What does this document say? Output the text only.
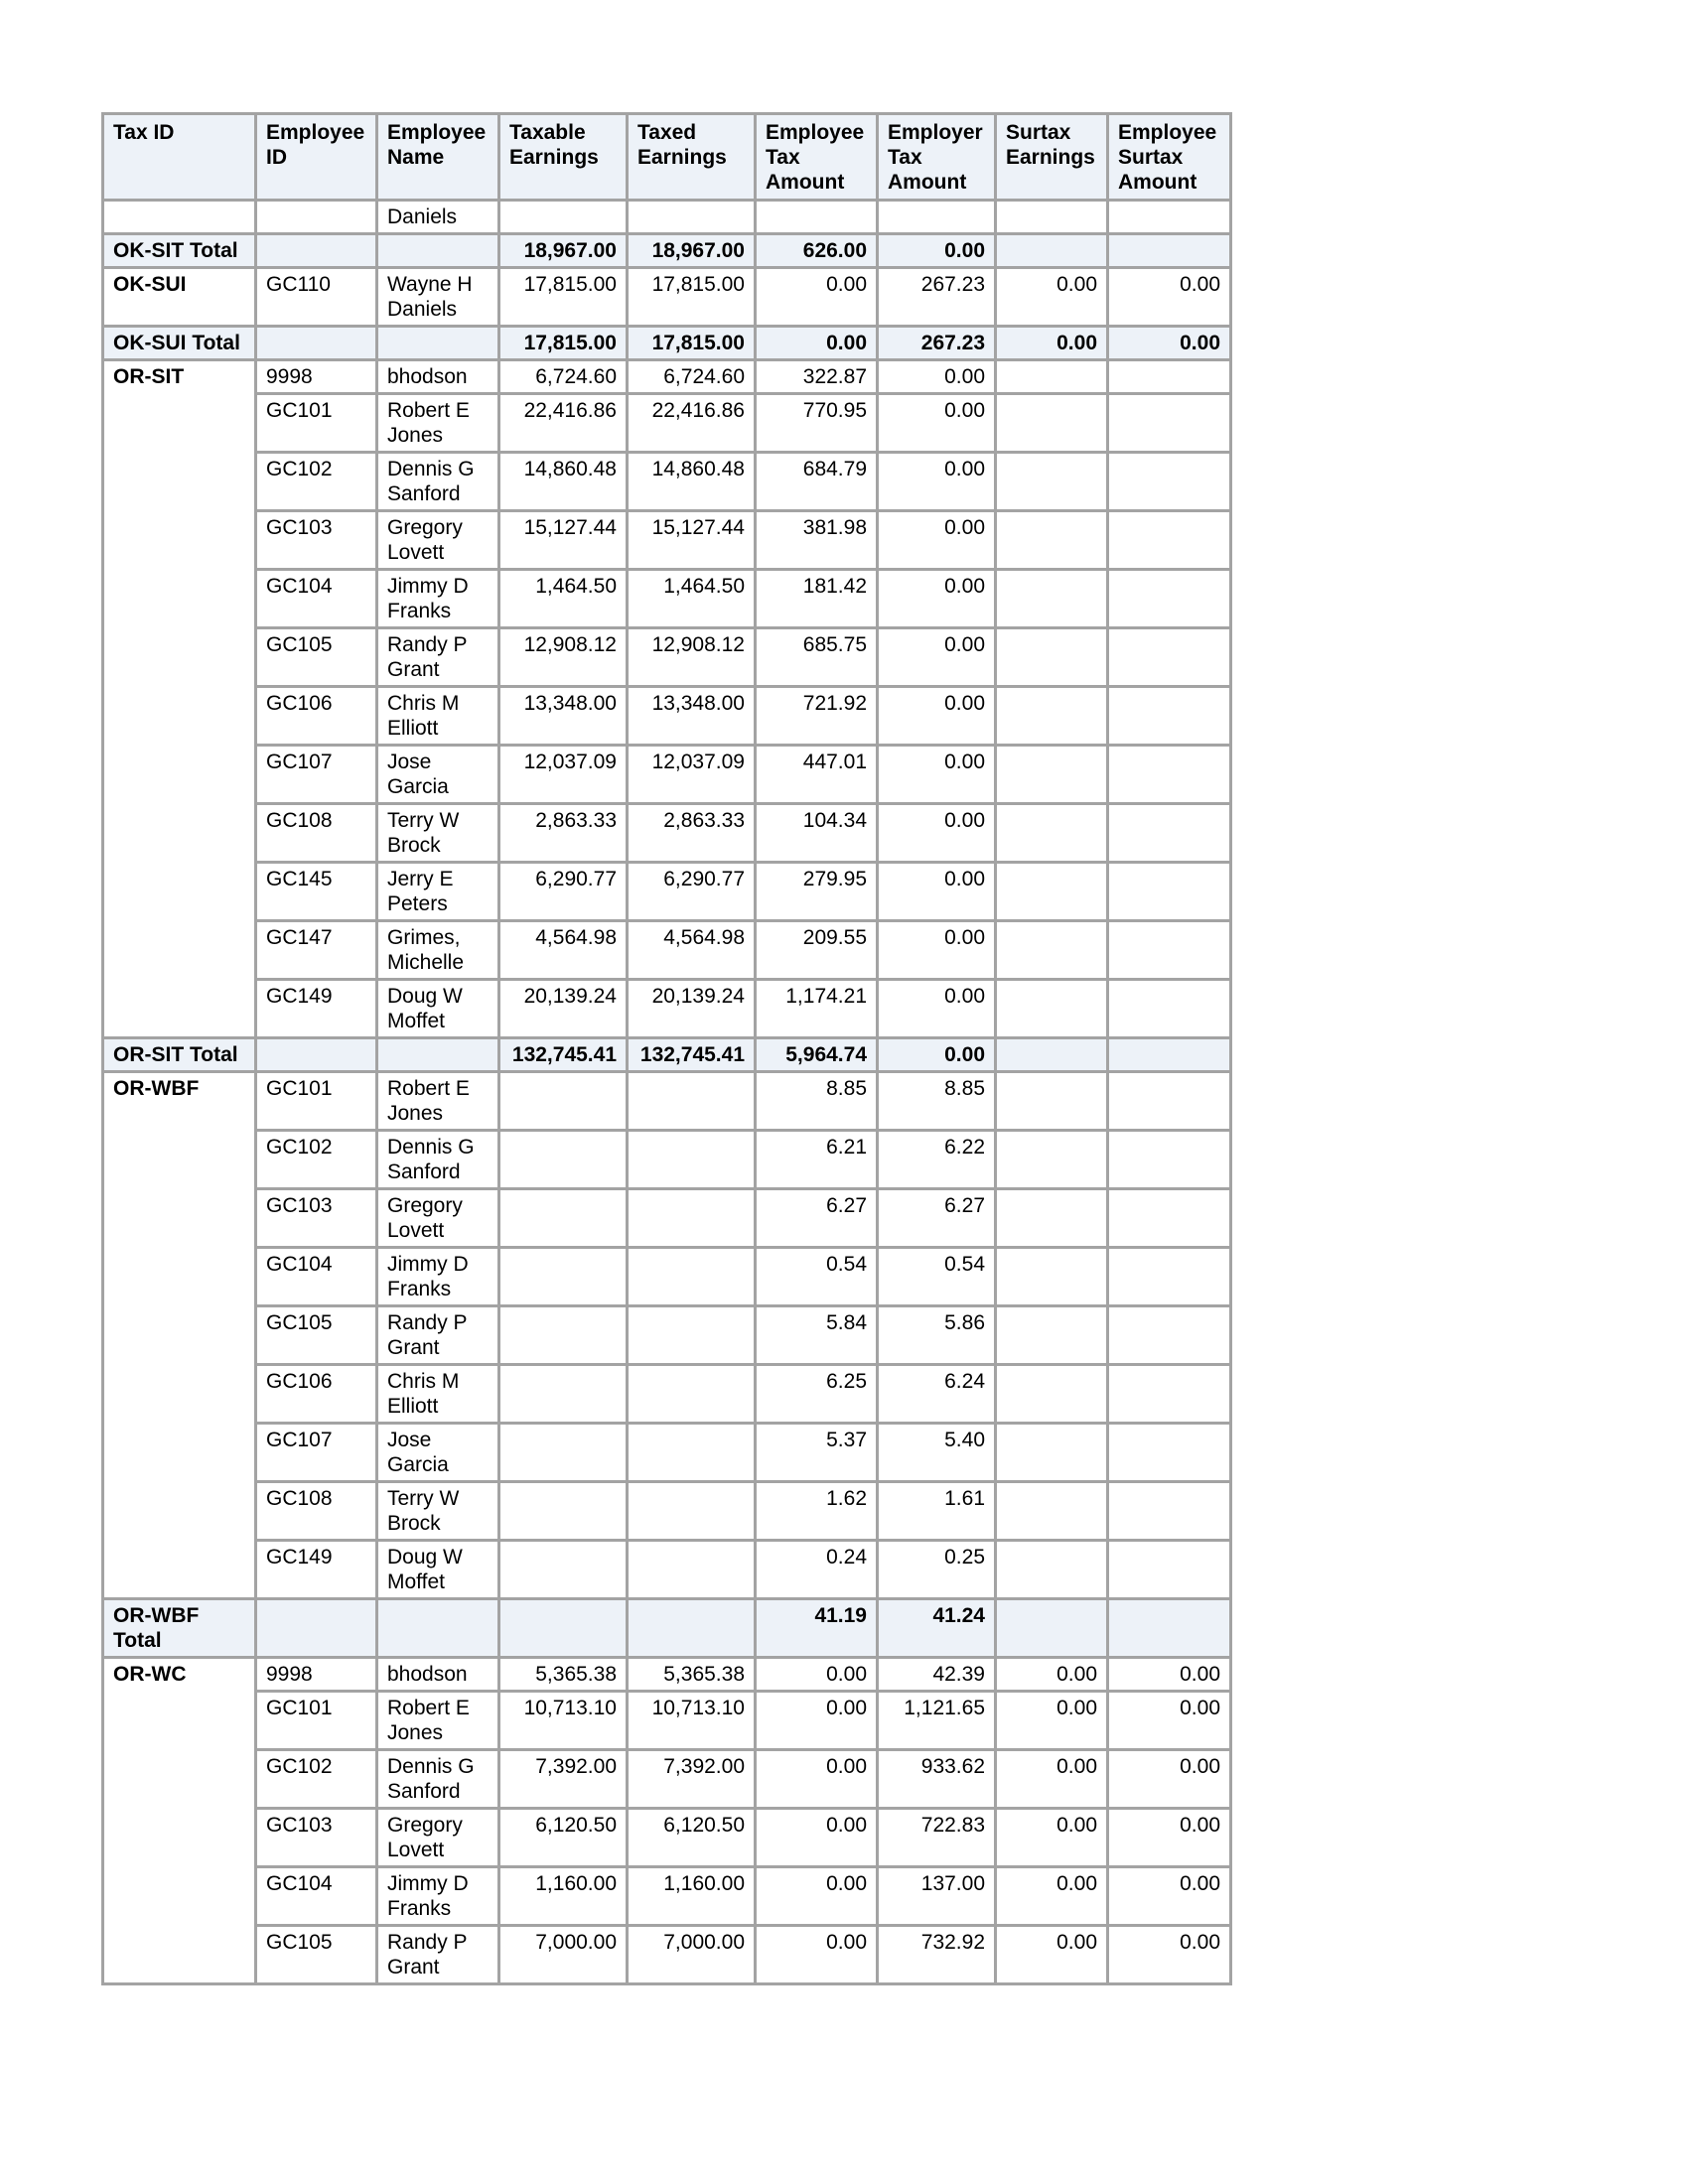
Tax ID	Employee ID	Employee Name	Taxable Earnings	Taxed Earnings	Employee Tax Amount	Employer Tax Amount	Surtax Earnings	Employee Surtax Amount
		Daniels						
OK-SIT Total			18,967.00	18,967.00	626.00	0.00		
OK-SUI	GC110	Wayne H Daniels	17,815.00	17,815.00	0.00	267.23	0.00	0.00
OK-SUI Total			17,815.00	17,815.00	0.00	267.23	0.00	0.00
OR-SIT	9998	bhodson	6,724.60	6,724.60	322.87	0.00		
	GC101	Robert E Jones	22,416.86	22,416.86	770.95	0.00		
	GC102	Dennis G Sanford	14,860.48	14,860.48	684.79	0.00		
	GC103	Gregory Lovett	15,127.44	15,127.44	381.98	0.00		
	GC104	Jimmy D Franks	1,464.50	1,464.50	181.42	0.00		
	GC105	Randy P Grant	12,908.12	12,908.12	685.75	0.00		
	GC106	Chris M Elliott	13,348.00	13,348.00	721.92	0.00		
	GC107	Jose Garcia	12,037.09	12,037.09	447.01	0.00		
	GC108	Terry W Brock	2,863.33	2,863.33	104.34	0.00		
	GC145	Jerry E Peters	6,290.77	6,290.77	279.95	0.00		
	GC147	Grimes, Michelle	4,564.98	4,564.98	209.55	0.00		
	GC149	Doug W Moffet	20,139.24	20,139.24	1,174.21	0.00		
OR-SIT Total			132,745.41	132,745.41	5,964.74	0.00		
OR-WBF	GC101	Robert E Jones			8.85	8.85		
	GC102	Dennis G Sanford			6.21	6.22		
	GC103	Gregory Lovett			6.27	6.27		
	GC104	Jimmy D Franks			0.54	0.54		
	GC105	Randy P Grant			5.84	5.86		
	GC106	Chris M Elliott			6.25	6.24		
	GC107	Jose Garcia			5.37	5.40		
	GC108	Terry W Brock			1.62	1.61		
	GC149	Doug W Moffet			0.24	0.25		
OR-WBF Total					41.19	41.24		
OR-WC	9998	bhodson	5,365.38	5,365.38	0.00	42.39	0.00	0.00
	GC101	Robert E Jones	10,713.10	10,713.10	0.00	1,121.65	0.00	0.00
	GC102	Dennis G Sanford	7,392.00	7,392.00	0.00	933.62	0.00	0.00
	GC103	Gregory Lovett	6,120.50	6,120.50	0.00	722.83	0.00	0.00
	GC104	Jimmy D Franks	1,160.00	1,160.00	0.00	137.00	0.00	0.00
	GC105	Randy P Grant	7,000.00	7,000.00	0.00	732.92	0.00	0.00
